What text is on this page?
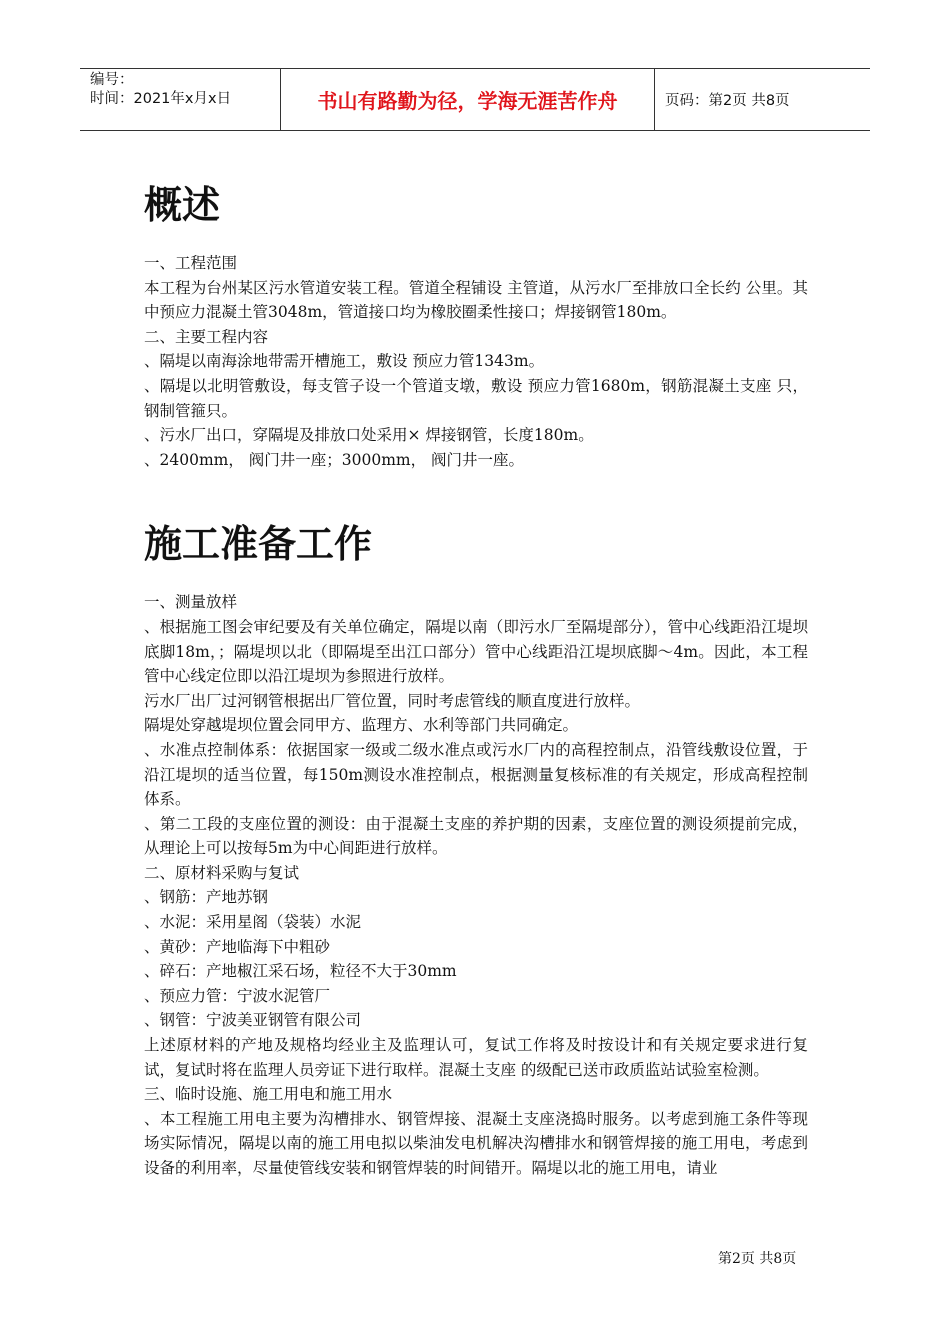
编号：
时间：2021年x月x日	书山有路勤为径，学海无涯苦作舟	页码：第2页 共8页
概述

一、工程范围

本工程为台州某区污水管道安装工程。管道全程铺设 主管道，从污水厂至排放口全长约 公里。其中预应力混凝土管3048m，管道接口均为橡胶圈柔性接口；焊接钢管180m。

二、主要工程内容

、隔堤以南海涂地带需开槽施工，敷设 预应力管1343m。

、隔堤以北明管敷设，每支管子设一个管道支墩，敷设 预应力管1680m，钢筋混凝土支座 只，钢制管箍只。

、污水厂出口，穿隔堤及排放口处采用× 焊接钢管，长度180m。

、2400mm， 阀门井一座；3000mm， 阀门井一座。

施工准备工作

一、测量放样

、根据施工图会审纪要及有关单位确定，隔堤以南（即污水厂至隔堤部分），管中心线距沿江堤坝底脚18m，；隔堤坝以北（即隔堤至出江口部分）管中心线距沿江堤坝底脚～4m。因此，本工程管中心线定位即以沿江堤坝为参照进行放样。

污水厂出厂过河钢管根据出厂管位置，同时考虑管线的顺直度进行放样。

隔堤处穿越堤坝位置会同甲方、监理方、水利等部门共同确定。

、水准点控制体系：依据国家一级或二级水准点或污水厂内的高程控制点，沿管线敷设位置，于沿江堤坝的适当位置，每150m测设水准控制点，根据测量复核标准的有关规定，形成高程控制体系。

、第二工段的支座位置的测设：由于混凝土支座的养护期的因素，支座位置的测设须提前完成，从理论上可以按每5m为中心间距进行放样。

二、原材料采购与复试

、钢筋：产地苏钢

、水泥：采用星阁（袋装）水泥

、黄砂：产地临海下中粗砂

、碎石：产地椒江采石场，粒径不大于30mm

、预应力管：宁波水泥管厂

、钢管：宁波美亚钢管有限公司

上述原材料的产地及规格均经业主及监理认可，复试工作将及时按设计和有关规定要求进行复试，复试时将在监理人员旁证下进行取样。混凝土支座 的级配已送市政质监站试验室检测。

三、临时设施、施工用电和施工用水

、本工程施工用电主要为沟槽排水、钢管焊接、混凝土支座浇捣时服务。以考虑到施工条件等现场实际情况，隔堤以南的施工用电拟以柴油发电机解决沟槽排水和钢管焊接的施工用电，考虑到设备的利用率，尽量使管线安装和钢管焊装的时间错开。隔堤以北的施工用电，请业

第2页 共8页
